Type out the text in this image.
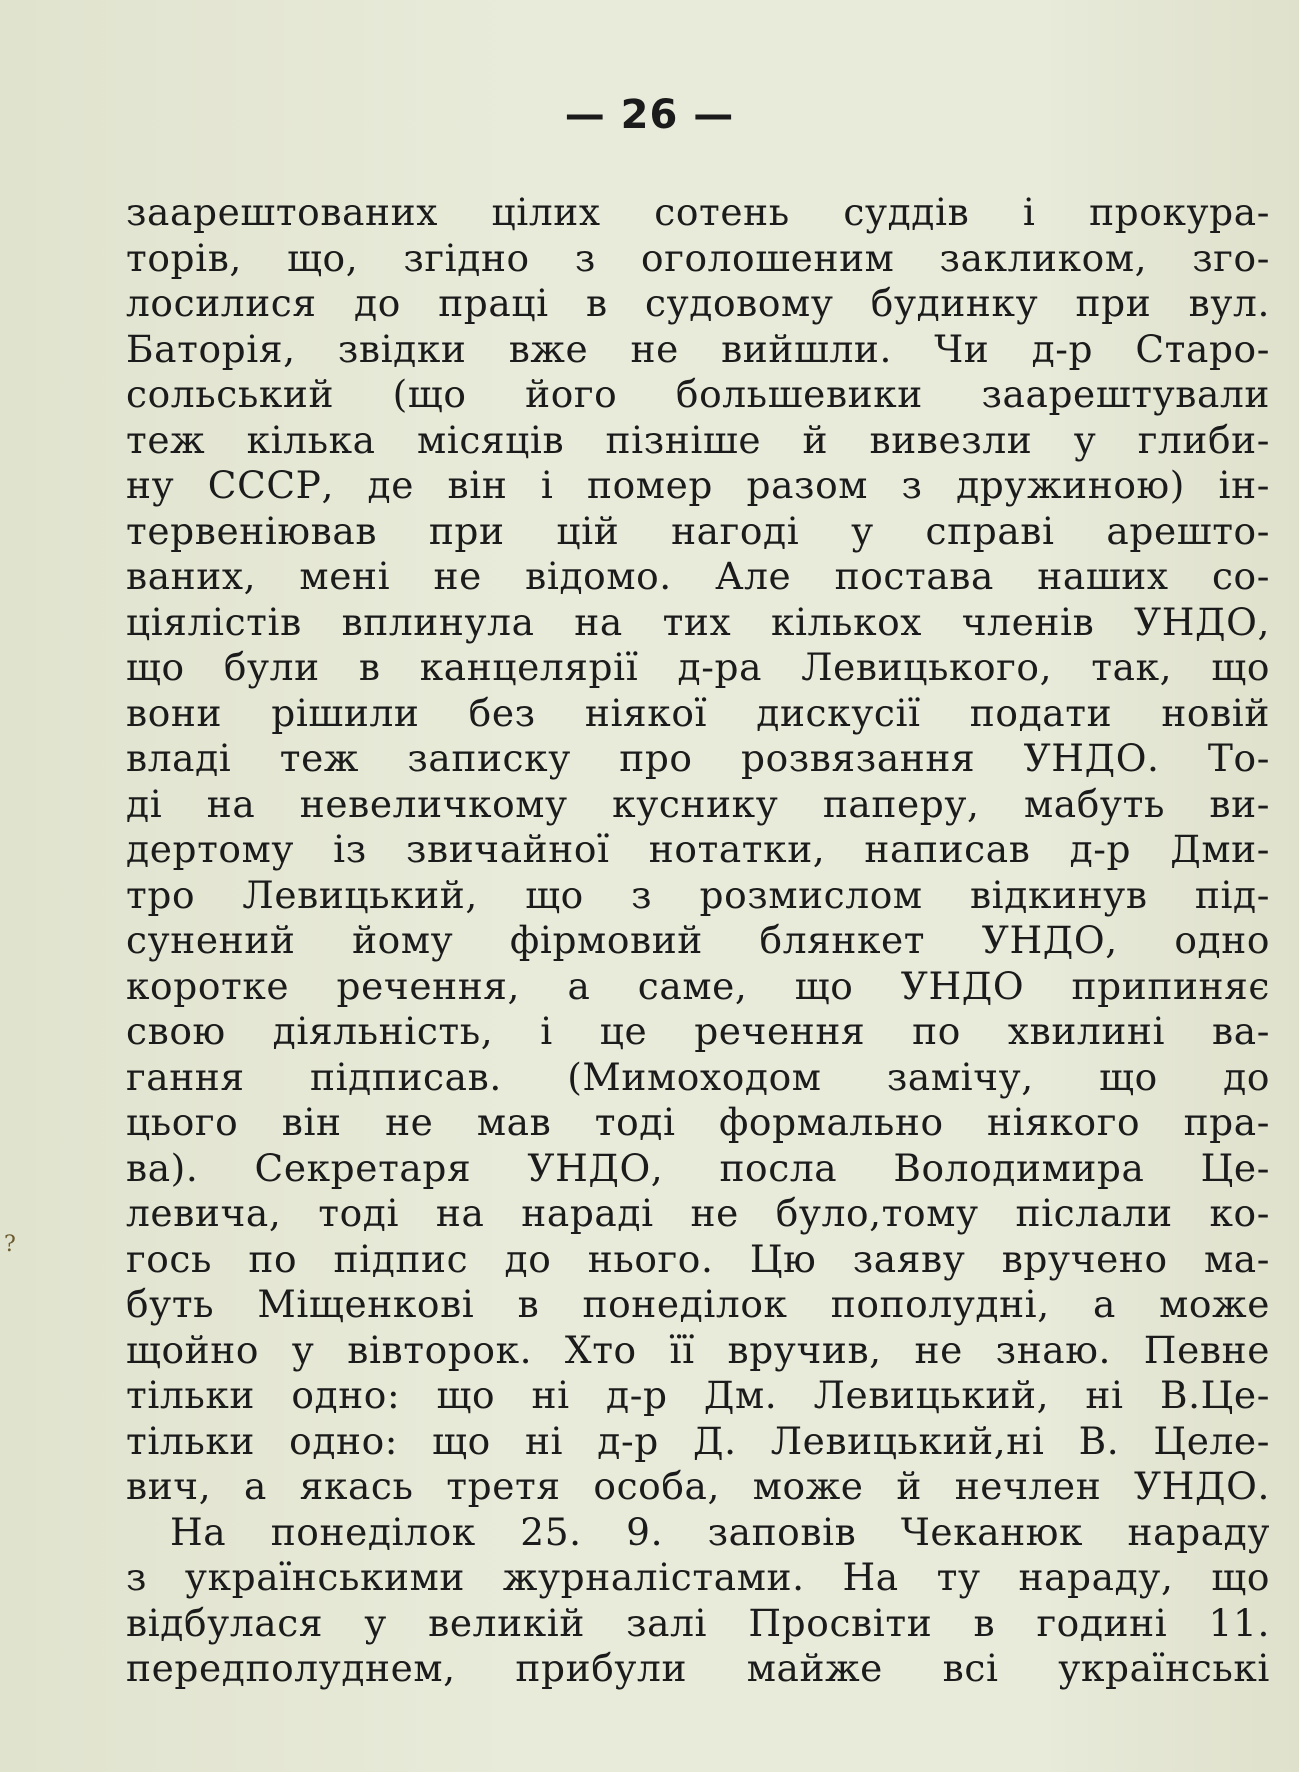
— 26 —
?
заарештованих цілих сотень суддів і прокура-
торів, що, згідно з оголошеним закликом, зго-
лосилися до праці в судовому будинку при вул.
Баторія, звідки вже не вийшли. Чи д-р Старо-
сольський (що його большевики заарештували
теж кілька місяців пізніше й вивезли у глиби-
ну СССР, де він і помер разом з дружиною) ін-
тервеніював при цій нагоді у справі арешто-
ваних, мені не відомо. Але постава наших со-
ціялістів вплинула на тих кількох членів УНДО,
що були в канцелярії д-ра Левицького, так, що
вони рішили без ніякої дискусії подати новій
владі теж записку про розвязання УНДО. То-
ді на невеличкому куснику паперу, мабуть ви-
дертому із звичайної нотатки, написав д-р Дми-
тро Левицький, що з розмислом відкинув під-
сунений йому фірмовий блянкет УНДО, одно
коротке речення, а саме, що УНДО припиняє
свою діяльність, і це речення по хвилині ва-
гання підписав. (Мимоходом замічу, що до
цього він не мав тоді формально ніякого пра-
ва). Секретаря УНДО, посла Володимира Це-
левича, тоді на нараді не було,тому післали ко-
гось по підпис до нього. Цю заяву вручено ма-
буть Міщенкові в понеділок пополудні, а може
щойно у вівторок. Хто її вручив, не знаю. Певне
тільки одно: що ні д-р Дм. Левицький, ні В.Це-
тільки одно: що ні д-р Д. Левицький,ні В. Целе-
вич, а якась третя особа, може й нечлен УНДО.
На понеділок 25. 9. заповів Чеканюк нараду
з українськими журналістами. На ту нараду, що
відбулася у великій залі Просвіти в годині 11.
передполуднем, прибули майже всі українські
